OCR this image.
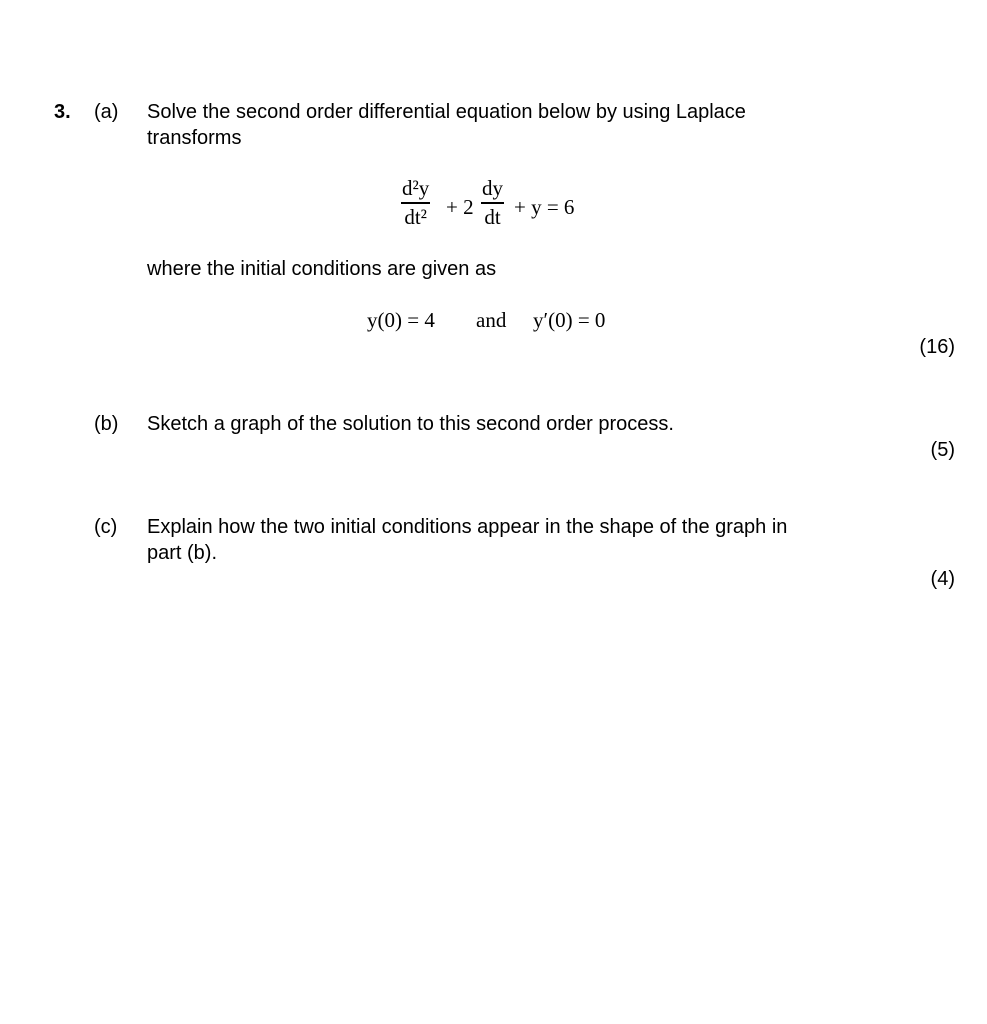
3. (a) Solve the second order differential equation below by using Laplace
transforms
d²y
dt² + 2
dy
dt + y = 6
where the initial conditions are given as
y(0) = 4 and y′(0) = 0
(16)
(b) Sketch a graph of the solution to this second order process.
(5)
(c) Explain how the two initial conditions appear in the shape of the graph in
part (b).
(4)
